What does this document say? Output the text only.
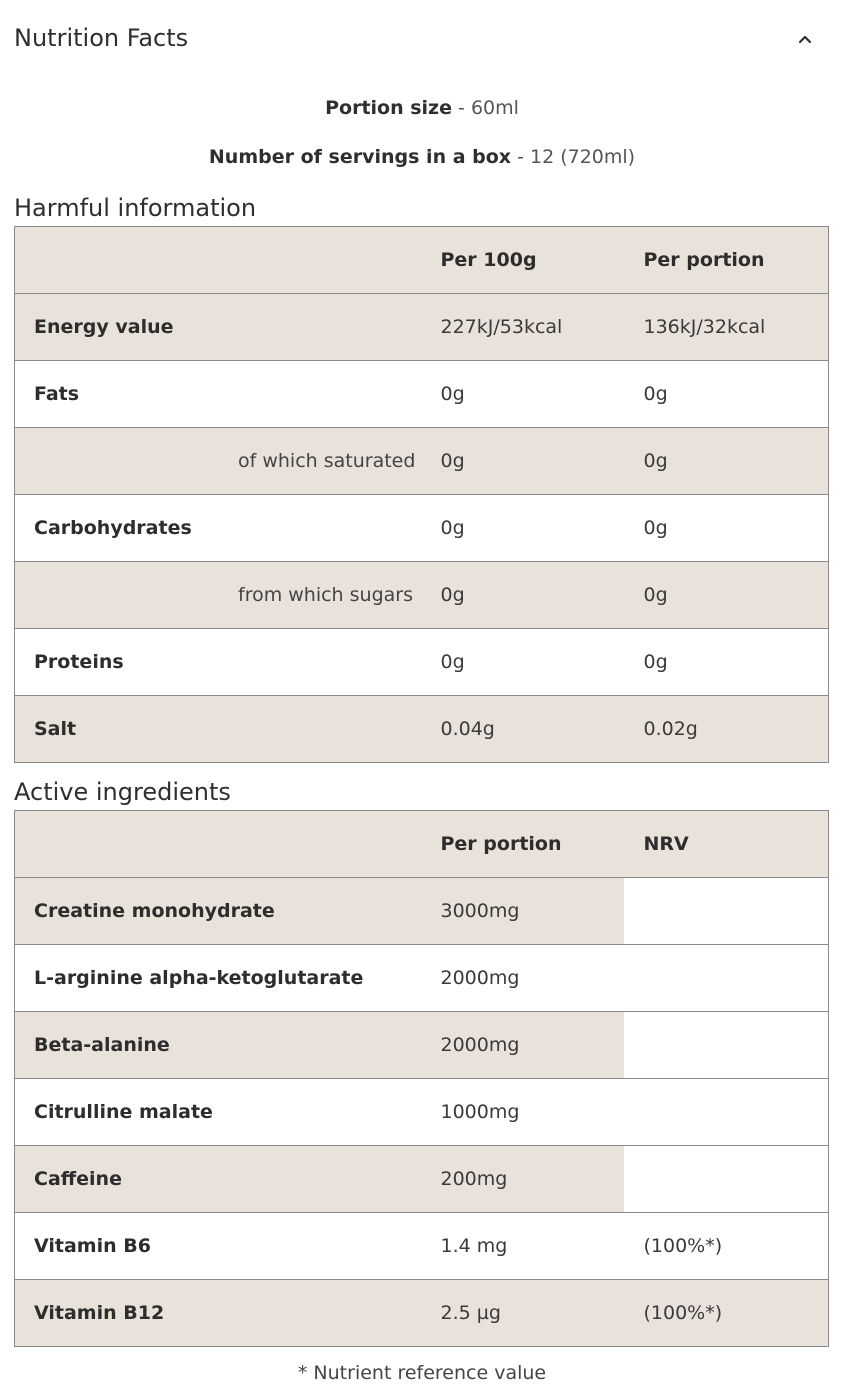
Nutrition Facts
Portion size - 60ml
Number of servings in a box - 12 (720ml)
Harmful information
	Per 100g	Per portion
Energy value	227kJ/53kcal	136kJ/32kcal
Fats	0g	0g
of which saturated	0g	0g
Carbohydrates	0g	0g
from which sugars	0g	0g
Proteins	0g	0g
Salt	0.04g	0.02g
Active ingredients
	Per portion	NRV
Creatine monohydrate	3000mg	
L-arginine alpha-ketoglutarate	2000mg	
Beta-alanine	2000mg	
Citrulline malate	1000mg	
Caffeine	200mg	
Vitamin B6	1.4 mg	(100%*)
Vitamin B12	2.5 µg	(100%*)
* Nutrient reference value
